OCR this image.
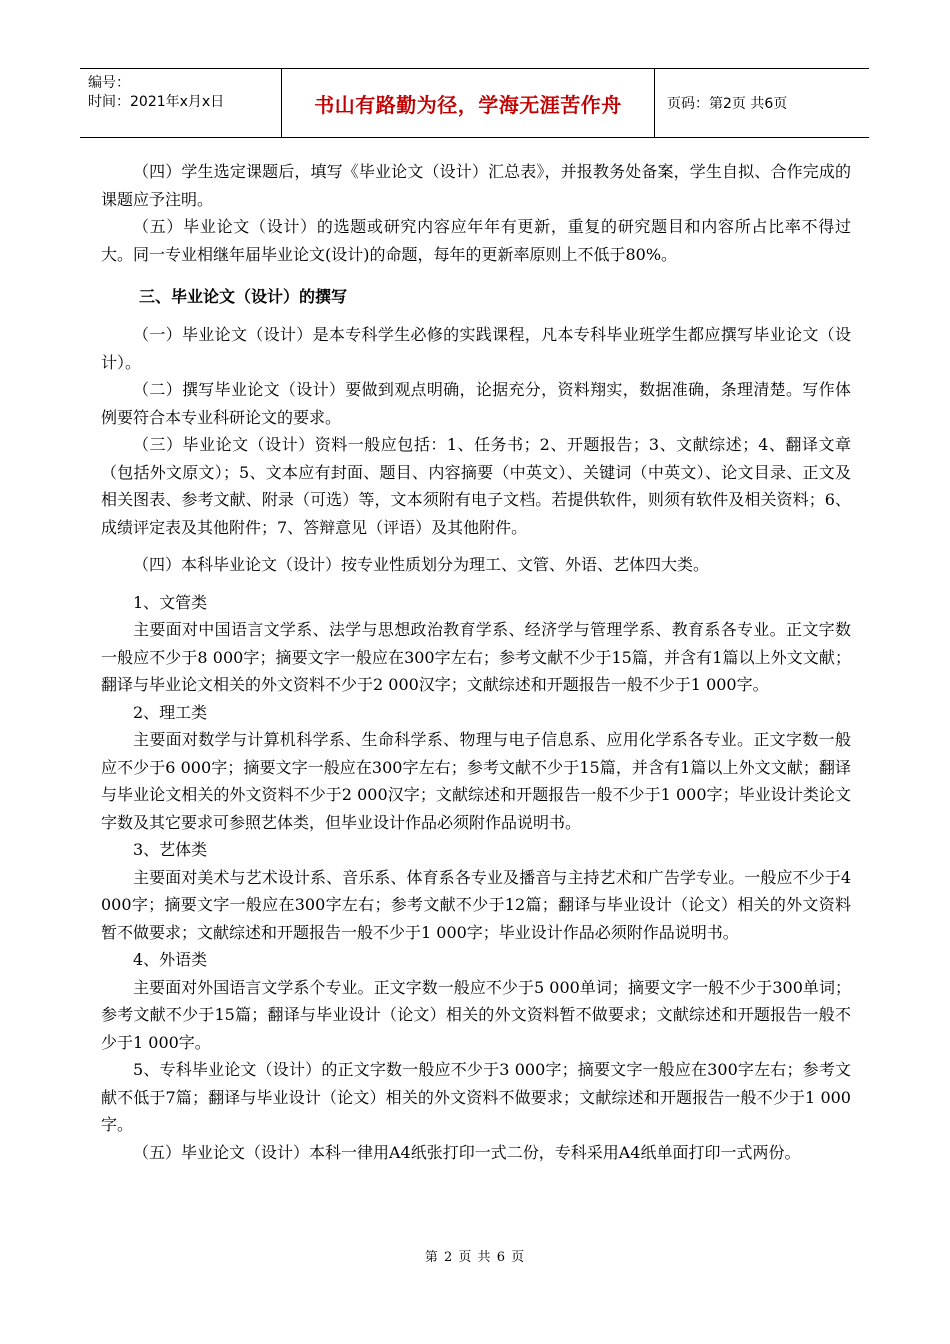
编号：
时间：2021年x月x日	书山有路勤为径，学海无涯苦作舟	页码：第2页 共6页

（四）学生选定课题后，填写《毕业论文（设计）汇总表》，并报教务处备案，学生自拟、合作完成的课题应予注明。

（五）毕业论文（设计）的选题或研究内容应年年有更新，重复的研究题目和内容所占比率不得过大。同一专业相继年届毕业论文(设计)的命题，每年的更新率原则上不低于80%。

三、毕业论文（设计）的撰写

（一）毕业论文（设计）是本专科学生必修的实践课程，凡本专科毕业班学生都应撰写毕业论文（设计）。

（二）撰写毕业论文（设计）要做到观点明确，论据充分，资料翔实，数据准确，条理清楚。写作体例要符合本专业科研论文的要求。

（三）毕业论文（设计）资料一般应包括：1、任务书；2、开题报告；3、文献综述；4、翻译文章（包括外文原文）；5、文本应有封面、题目、内容摘要（中英文）、关键词（中英文）、论文目录、正文及相关图表、参考文献、附录（可选）等，文本须附有电子文档。若提供软件，则须有软件及相关资料；6、成绩评定表及其他附件；7、答辩意见（评语）及其他附件。

（四）本科毕业论文（设计）按专业性质划分为理工、文管、外语、艺体四大类。

1、文管类

主要面对中国语言文学系、法学与思想政治教育学系、经济学与管理学系、教育系各专业。正文字数一般应不少于8 000字；摘要文字一般应在300字左右；参考文献不少于15篇，并含有1篇以上外文文献；翻译与毕业论文相关的外文资料不少于2 000汉字；文献综述和开题报告一般不少于1 000字。

2、理工类

主要面对数学与计算机科学系、生命科学系、物理与电子信息系、应用化学系各专业。正文字数一般应不少于6 000字；摘要文字一般应在300字左右；参考文献不少于15篇，并含有1篇以上外文文献；翻译与毕业论文相关的外文资料不少于2 000汉字；文献综述和开题报告一般不少于1 000字；毕业设计类论文字数及其它要求可参照艺体类，但毕业设计作品必须附作品说明书。

3、艺体类

主要面对美术与艺术设计系、音乐系、体育系各专业及播音与主持艺术和广告学专业。一般应不少于4 000字；摘要文字一般应在300字左右；参考文献不少于12篇；翻译与毕业设计（论文）相关的外文资料暂不做要求；文献综述和开题报告一般不少于1 000字；毕业设计作品必须附作品说明书。

4、外语类

主要面对外国语言文学系个专业。正文字数一般应不少于5 000单词；摘要文字一般不少于300单词；参考文献不少于15篇；翻译与毕业设计（论文）相关的外文资料暂不做要求；文献综述和开题报告一般不少于1 000字。

5、专科毕业论文（设计）的正文字数一般应不少于3 000字；摘要文字一般应在300字左右；参考文献不低于7篇；翻译与毕业设计（论文）相关的外文资料不做要求；文献综述和开题报告一般不少于1 000字。

（五）毕业论文（设计）本科一律用A4纸张打印一式二份，专科采用A4纸单面打印一式两份。

第 2 页 共 6 页
